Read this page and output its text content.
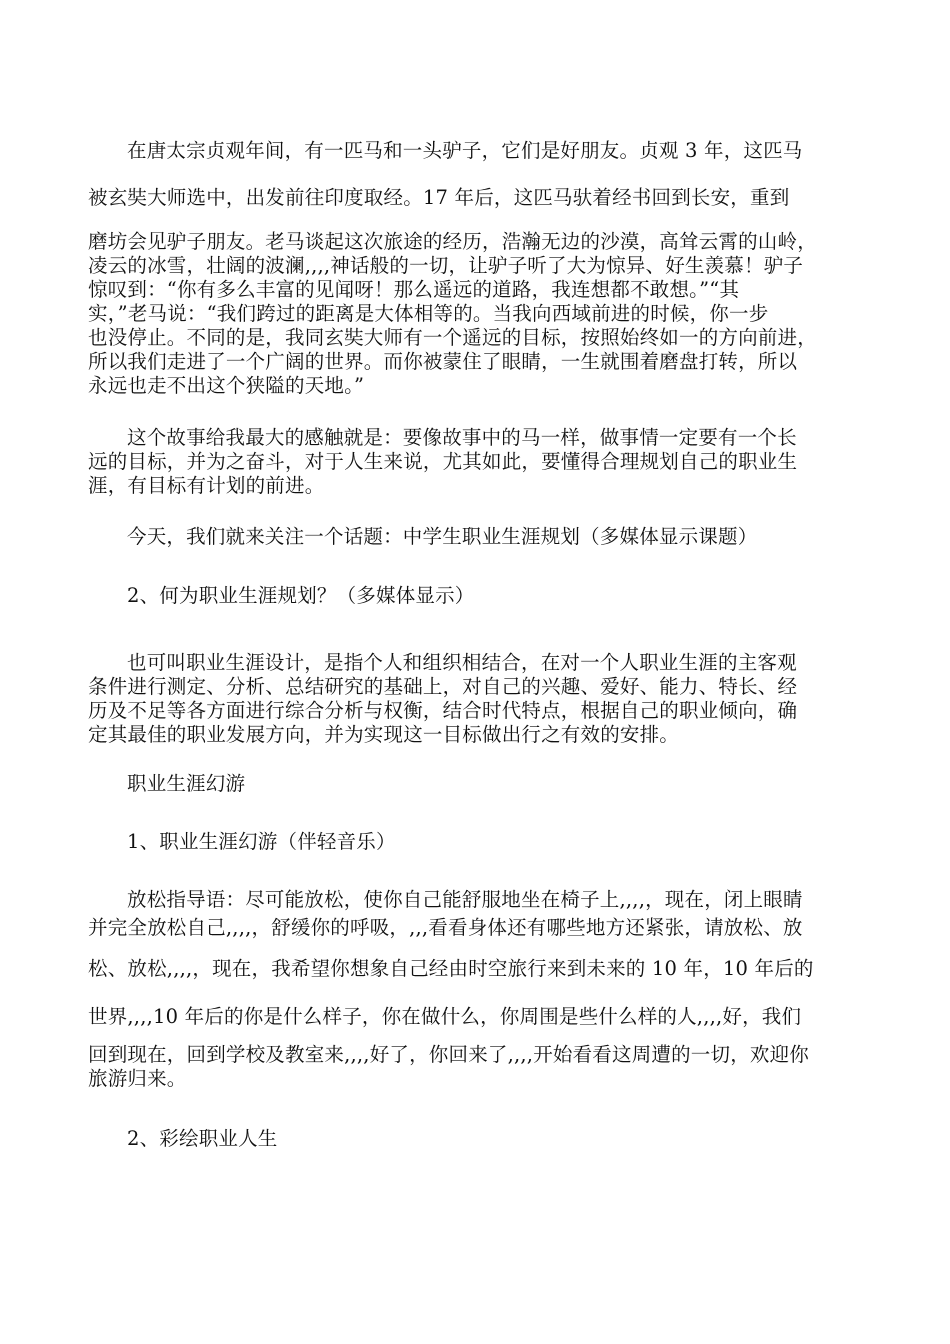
在唐太宗贞观年间，有一匹马和一头驴子，它们是好朋友。贞观 3 年，这匹马
被玄奘大师选中，出发前往印度取经。17 年后，这匹马驮着经书回到长安，重到
磨坊会见驴子朋友。老马谈起这次旅途的经历，浩瀚无边的沙漠，高耸云霄的山岭，
凌云的冰雪，壮阔的波澜,,,,神话般的一切，让驴子听了大为惊异、好生羡慕！驴子
惊叹到：“你有多么丰富的见闻呀！那么遥远的道路，我连想都不敢想。”“其
实，”老马说：“我们跨过的距离是大体相等的。当我向西域前进的时候，你一步
也没停止。不同的是，我同玄奘大师有一个遥远的目标，按照始终如一的方向前进，
所以我们走进了一个广阔的世界。而你被蒙住了眼睛，一生就围着磨盘打转，所以
永远也走不出这个狭隘的天地。”
这个故事给我最大的感触就是：要像故事中的马一样，做事情一定要有一个长
远的目标，并为之奋斗，对于人生来说，尤其如此，要懂得合理规划自己的职业生
涯，有目标有计划的前进。
今天，我们就来关注一个话题：中学生职业生涯规划（多媒体显示课题）
2、何为职业生涯规划？（多媒体显示）
也可叫职业生涯设计，是指个人和组织相结合，在对一个人职业生涯的主客观
条件进行测定、分析、总结研究的基础上，对自己的兴趣、爱好、能力、特长、经
历及不足等各方面进行综合分析与权衡，结合时代特点，根据自己的职业倾向，确
定其最佳的职业发展方向，并为实现这一目标做出行之有效的安排。
职业生涯幻游
1、职业生涯幻游（伴轻音乐）
放松指导语：尽可能放松，使你自己能舒服地坐在椅子上,,,,，现在，闭上眼睛
并完全放松自己,,,,，舒缓你的呼吸，,,,看看身体还有哪些地方还紧张，请放松、放
松、放松,,,,，现在，我希望你想象自己经由时空旅行来到未来的 10 年，10 年后的
世界,,,,10 年后的你是什么样子，你在做什么，你周围是些什么样的人,,,,好，我们
回到现在，回到学校及教室来,,,,好了，你回来了,,,,开始看看这周遭的一切，欢迎你
旅游归来。
2、彩绘职业人生
